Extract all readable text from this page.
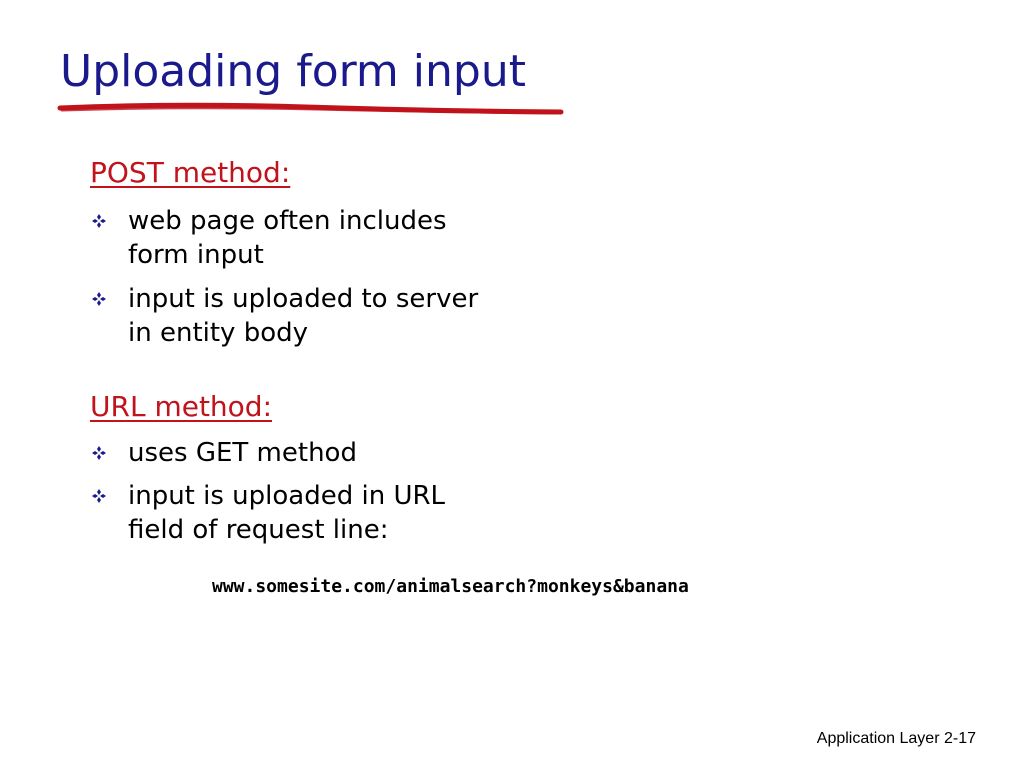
Uploading form input
POST method:
web page often includes form input
input is uploaded to server in entity body
URL method:
uses GET method
input is uploaded in URL field of request line:
www.somesite.com/animalsearch?monkeys&banana
Application Layer 2-17
